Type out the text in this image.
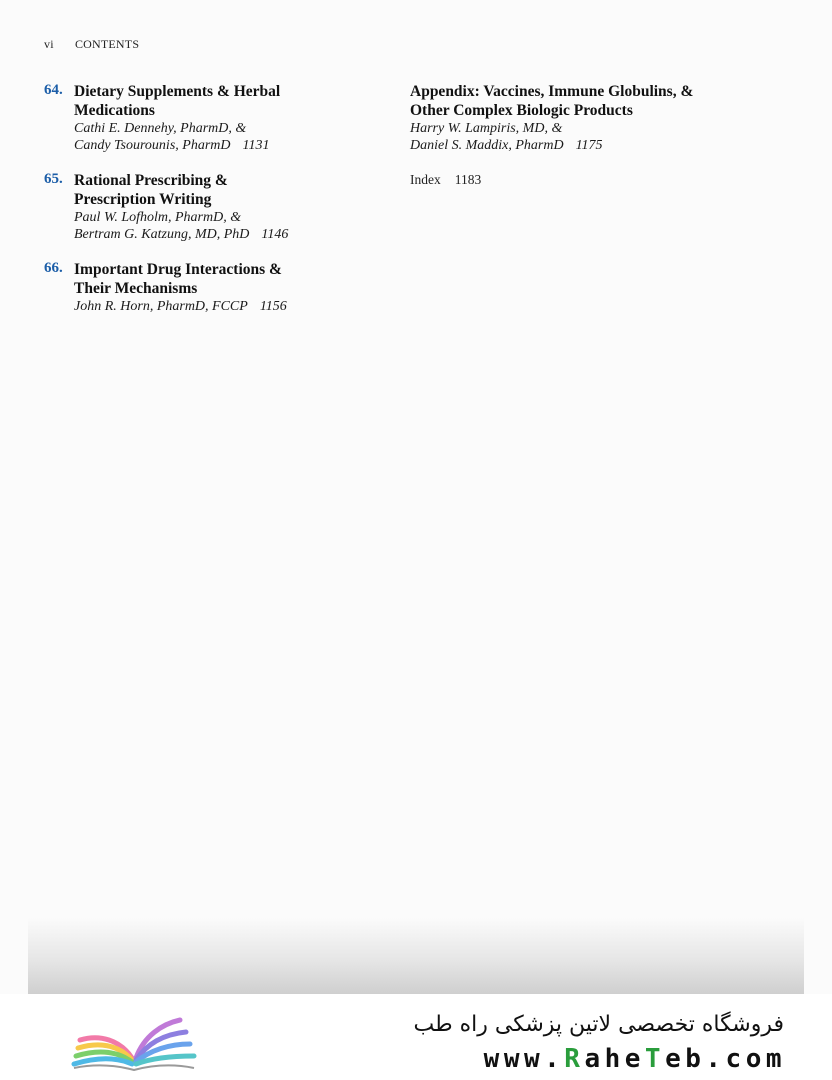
vi CONTENTS
64. Dietary Supplements & Herbal
Medications

Cathi E. Dennehy, PharmD, &
Candy Tsourounis, PharmD 1131

65. Rational Prescribing &
Prescription Writing

Paul W. Lofholm, PharmD, &
Bertram G. Katzung, MD, PhD 1146

66. Important Drug Interactions &
Their Mechanisms

John R. Horn, PharmD, FCCP 1156

Appendix: Vaccines, Immune Globulins, &
Other Complex Biologic Products

Harry W. Lampiris, MD, &
Daniel S. Maddix, PharmD 1175

Index 1183
فروشگاه تخصصی لاتین پزشکی راه طب
www.RaheTeb.com
